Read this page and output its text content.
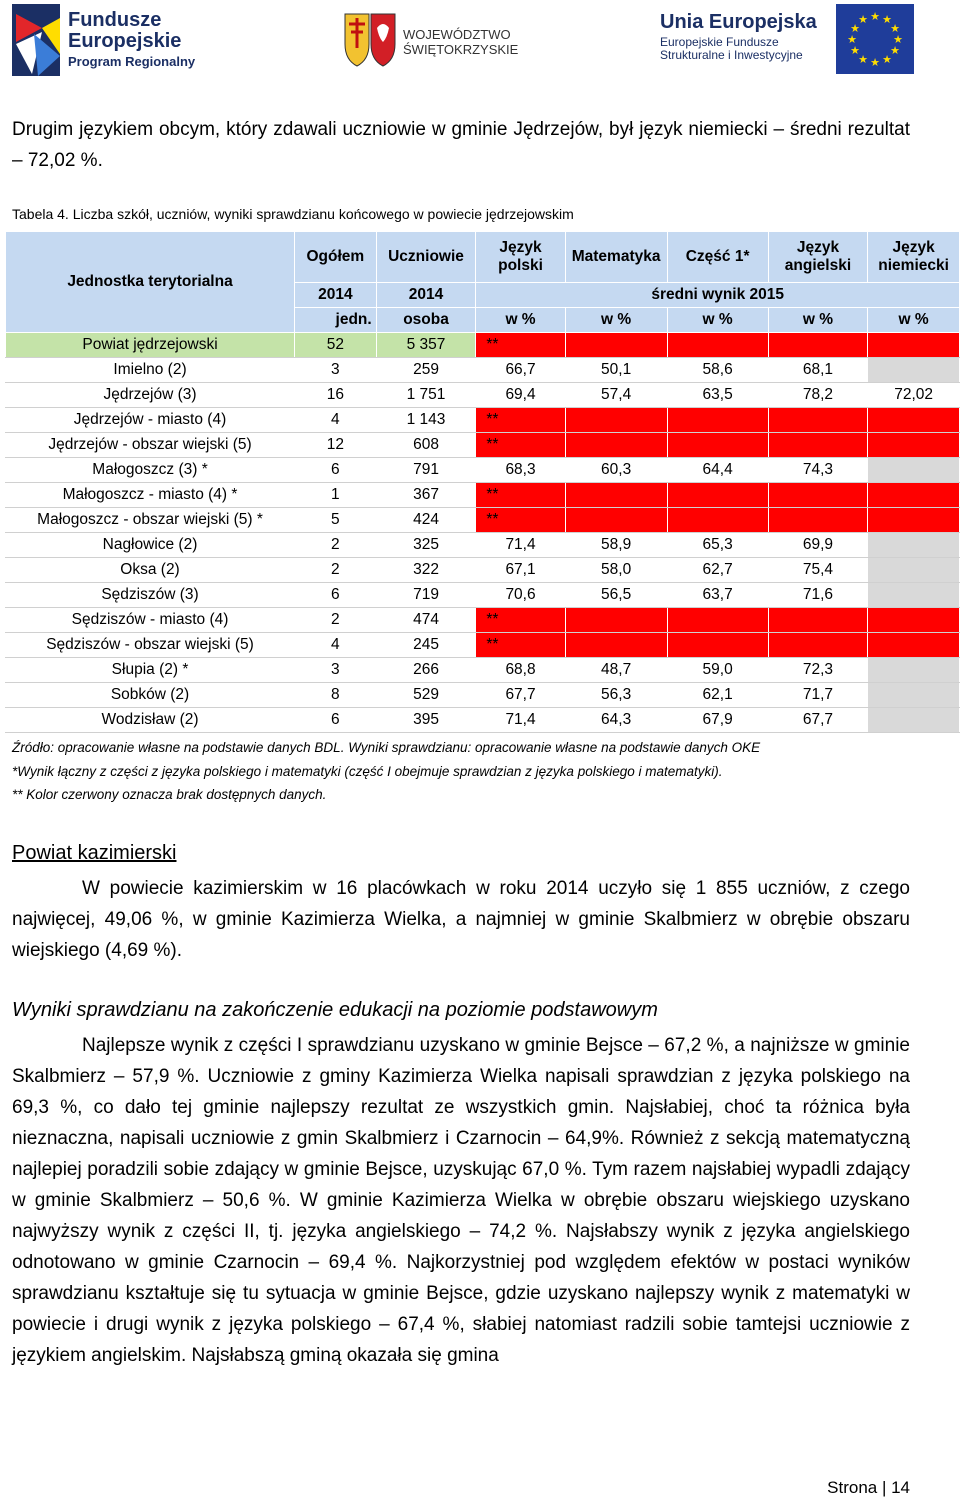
Fundusze
Europejskie
Program Regionalny
WOJEWÓDZTWO
ŚWIĘTOKRZYSKIE
Unia Europejska
Europejskie Fundusze
Strukturalne i Inwestycyjne
★ ★
★
★
★
★
★
★
★
★
★
★
Drugim językiem obcym, który zdawali uczniowie w gminie Jędrzejów, był język niemiecki – średni rezultat – 72,02 %.
Tabela 4. Liczba szkół, uczniów, wyniki sprawdzianu końcowego w powiecie jędrzejowskim
Jednostka terytorialna	Ogółem	Uczniowie	Język polski	Matematyka	Część 1*	Język angielski	Język niemiecki
	2014	2014	średni wynik 2015				
	jedn.	osoba	w %	w %	w %	w %	w %
Powiat jędrzejowski	52	5 357	**				
Imielno (2)	3	259	66,7	50,1	58,6	68,1	
Jędrzejów (3)	16	1 751	69,4	57,4	63,5	78,2	72,02
Jędrzejów - miasto (4)	4	1 143	**				
Jędrzejów - obszar wiejski (5)	12	608	**				
Małogoszcz (3) *	6	791	68,3	60,3	64,4	74,3	
Małogoszcz - miasto (4) *	1	367	**				
Małogoszcz - obszar wiejski (5) *	5	424	**				
Nagłowice (2)	2	325	71,4	58,9	65,3	69,9	
Oksa (2)	2	322	67,1	58,0	62,7	75,4	
Sędziszów (3)	6	719	70,6	56,5	63,7	71,6	
Sędziszów - miasto (4)	2	474	**				
Sędziszów - obszar wiejski (5)	4	245	**				
Słupia (2) *	3	266	68,8	48,7	59,0	72,3	
Sobków (2)	8	529	67,7	56,3	62,1	71,7	
Wodzisław (2)	6	395	71,4	64,3	67,9	67,7	
Źródło: opracowanie własne na podstawie danych BDL. Wyniki sprawdzianu: opracowanie własne na podstawie danych OKE
*Wynik łączny z części z języka polskiego i matematyki (część I obejmuje sprawdzian z języka polskiego i matematyki).
** Kolor czerwony oznacza brak dostępnych danych.
Powiat kazimierski
W powiecie kazimierskim w 16 placówkach w roku 2014 uczyło się 1 855 uczniów, z czego najwięcej, 49,06 %, w gminie Kazimierza Wielka, a najmniej w gminie Skalbmierz w obrębie obszaru wiejskiego (4,69 %).
Wyniki sprawdzianu na zakończenie edukacji na poziomie podstawowym
Najlepsze wynik z części I sprawdzianu uzyskano w gminie Bejsce – 67,2 %, a najniższe w gminie Skalbmierz – 57,9 %. Uczniowie z gminy Kazimierza Wielka napisali sprawdzian z języka polskiego na 69,3 %, co dało tej gminie najlepszy rezultat ze wszystkich gmin. Najsłabiej, choć ta różnica była nieznaczna, napisali uczniowie z gmin Skalbmierz i Czarnocin – 64,9%. Również z sekcją matematyczną najlepiej poradzili sobie zdający w gminie Bejsce, uzyskując 67,0 %. Tym razem najsłabiej wypadli zdający w gminie Skalbmierz – 50,6 %. W gminie Kazimierza Wielka w obrębie obszaru wiejskiego uzyskano najwyższy wynik z części II, tj. języka angielskiego – 74,2 %. Najsłabszy wynik z języka angielskiego odnotowano w gminie Czarnocin – 69,4 %. Najkorzystniej pod względem efektów w postaci wyników sprawdzianu kształtuje się tu sytuacja w gminie Bejsce, gdzie uzyskano najlepszy wynik z matematyki w powiecie i drugi wynik z języka polskiego – 67,4 %, słabiej natomiast radzili sobie tamtejsi uczniowie z językiem angielskim. Najsłabszą gminą okazała się gmina
Strona | 14
